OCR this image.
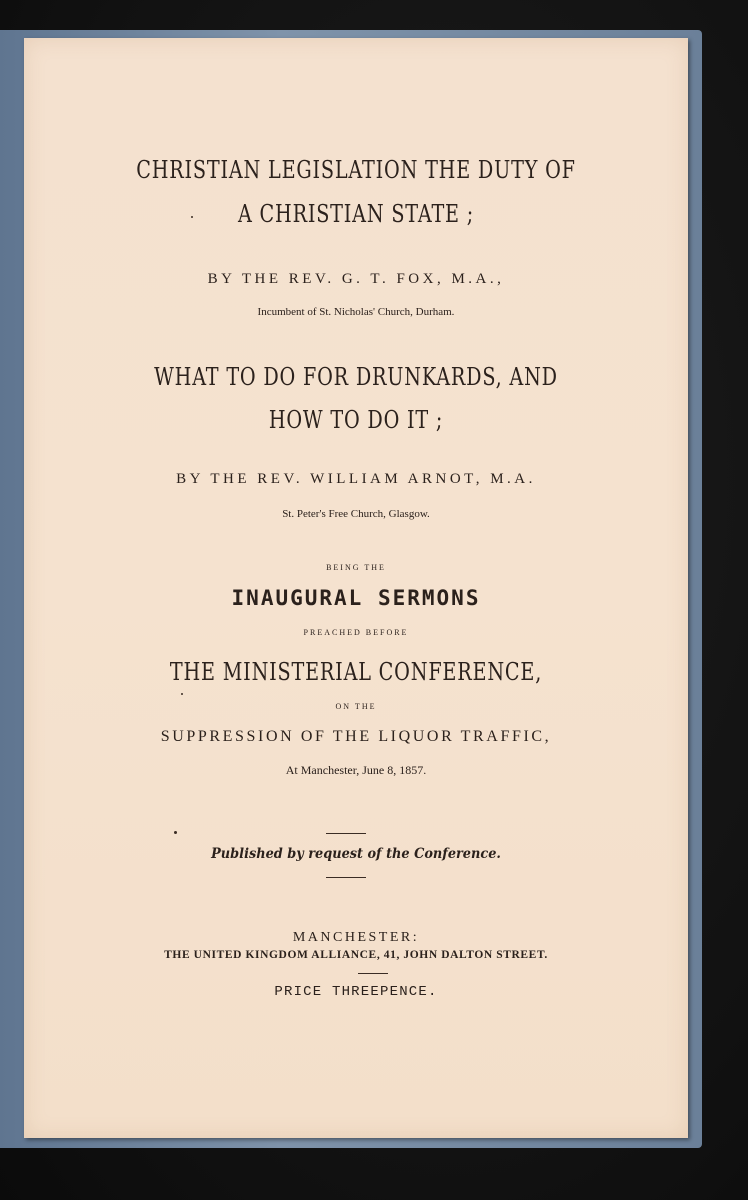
CHRISTIAN LEGISLATION THE DUTY OF
A CHRISTIAN STATE ;
BY THE REV. G. T. FOX, M.A.,
Incumbent of St. Nicholas' Church, Durham.
WHAT TO DO FOR DRUNKARDS, AND
HOW TO DO IT ;
BY THE REV. WILLIAM ARNOT, M.A.
St. Peter's Free Church, Glasgow.
BEING THE
INAUGURAL SERMONS
PREACHED BEFORE
THE MINISTERIAL CONFERENCE,
ON THE
SUPPRESSION OF THE LIQUOR TRAFFIC,
At Manchester, June 8, 1857.
Published by request of the Conference.
MANCHESTER:
THE UNITED KINGDOM ALLIANCE, 41, JOHN DALTON STREET.
PRICE THREEPENCE.
